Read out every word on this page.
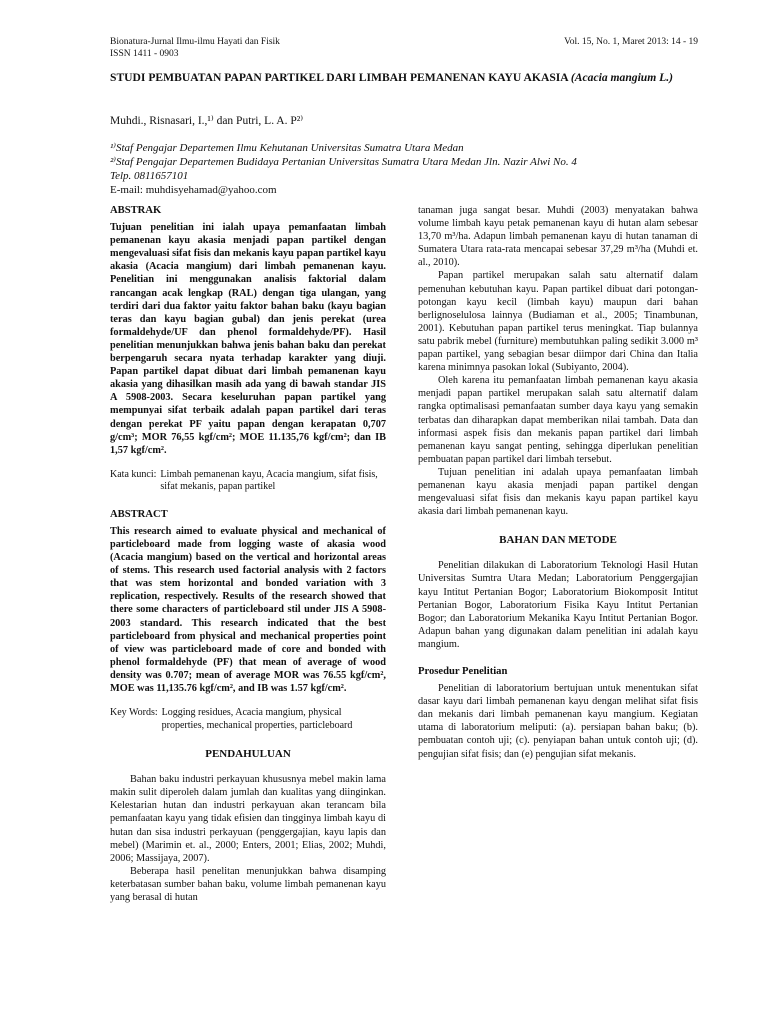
Bionatura-Jurnal Ilmu-ilmu Hayati dan Fisik
ISSN 1411 - 0903
Vol. 15, No. 1, Maret 2013: 14 - 19
STUDI PEMBUATAN PAPAN PARTIKEL DARI LIMBAH PEMANENAN KAYU AKASIA (Acacia mangium L.)
Muhdi., Risnasari, I.,¹⁾ dan Putri, L. A. P²⁾
¹⁾Staf Pengajar Departemen Ilmu Kehutanan Universitas Sumatra Utara Medan
²⁾Staf Pengajar Departemen Budidaya Pertanian Universitas Sumatra Utara Medan Jln. Nazir Alwi No. 4
Telp. 0811657101
E-mail: muhdisyehamad@yahoo.com
ABSTRAK

Tujuan penelitian ini ialah upaya pemanfaatan limbah pemanenan kayu akasia menjadi papan partikel dengan mengevaluasi sifat fisis dan mekanis kayu papan partikel kayu akasia (Acacia mangium) dari limbah pemanenan kayu. Penelitian ini menggunakan analisis faktorial dalam rancangan acak lengkap (RAL) dengan tiga ulangan, yang terdiri dari dua faktor yaitu faktor bahan baku (kayu bagian teras dan kayu bagian gubal) dan jenis perekat (urea formaldehyde/UF dan phenol formaldehyde/PF). Hasil penelitian menunjukkan bahwa jenis bahan baku dan perekat berpengaruh secara nyata terhadap karakter yang diuji. Papan partikel dapat dibuat dari limbah pemanenan kayu akasia yang dihasilkan masih ada yang di bawah standar JIS A 5908-2003. Secara keseluruhan papan partikel yang mempunyai sifat terbaik adalah papan partikel dari teras dengan perekat PF yaitu papan dengan kerapatan 0,707 g/cm³; MOR 76,55 kgf/cm²; MOE 11.135,76 kgf/cm²; dan IB 1,57 kgf/cm².

Kata kunci: Limbah pemanenan kayu, Acacia mangium, sifat fisis, sifat mekanis, papan partikel
ABSTRACT

This research aimed to evaluate physical and mechanical of particleboard made from logging waste of akasia wood (Acacia mangium) based on the vertical and horizontal areas of stems. This research used factorial analysis with 2 factors that was stem horizontal and bonded variation with 3 replication, respectively. Results of the research showed that there some characters of particleboard stil under JIS A 5908-2003 standard. This research indicated that the best particleboard from physical and mechanical properties point of view was particleboard made of core and bonded with phenol formaldehyde (PF) that mean of average of wood density was 0.707; mean of average MOR was 76.55 kgf/cm², MOE was 11,135.76 kgf/cm², and IB was 1.57 kgf/cm².

Key Words: Logging residues, Acacia mangium, physical properties, mechanical properties, particleboard
PENDAHULUAN

Bahan baku industri perkayuan khususnya mebel makin lama makin sulit diperoleh dalam jumlah dan kualitas yang diinginkan. Kelestarian hutan dan industri perkayuan akan terancam bila pemanfaatan kayu yang tidak efisien dan tingginya limbah kayu di hutan dan sisa industri perkayuan (penggergajian, kayu lapis dan mebel) (Marimin et. al., 2000; Enters, 2001; Elias, 2002; Muhdi, 2006; Massijaya, 2007).

Beberapa hasil penelitan menunjukkan bahwa disamping keterbatasan sumber bahan baku, volume limbah pemanenan kayu yang berasal di hutan

tanaman juga sangat besar. Muhdi (2003) menyatakan bahwa volume limbah kayu petak pemanenan kayu di hutan alam sebesar 13,70 m³/ha. Adapun limbah pemanenan kayu di hutan tanaman di Sumatera Utara rata-rata mencapai sebesar 37,29 m³/ha (Muhdi et. al., 2010).

Papan partikel merupakan salah satu alternatif dalam pemenuhan kebutuhan kayu. Papan partikel dibuat dari potongan-potongan kayu kecil (limbah kayu) maupun dari bahan berlignoselulosa lainnya (Budiaman et al., 2005; Tinambunan, 2001). Kebutuhan papan partikel terus meningkat. Tiap bulannya satu pabrik mebel (furniture) membutuhkan paling sedikit 3.000 m³ papan partikel, yang sebagian besar diimpor dari China dan Italia karena minimnya pasokan lokal (Subiyanto, 2004).

Oleh karena itu pemanfaatan limbah pemanenan kayu akasia menjadi papan partikel merupakan salah satu alternatif dalam rangka optimalisasi pemanfaatan sumber daya kayu yang semakin terbatas dan diharapkan dapat memberikan nilai tambah. Data dan informasi aspek fisis dan mekanis papan partikel dari limbah pemanenan kayu sangat penting, sehingga diperlukan penelitian pembuatan papan partikel dari limbah tersebut.

Tujuan penelitian ini adalah upaya pemanfaatan limbah pemanenan kayu akasia menjadi papan partikel dengan mengevaluasi sifat fisis dan mekanis kayu papan partikel kayu akasia dari limbah pemanenan kayu.

BAHAN DAN METODE

Penelitian dilakukan di Laboratorium Teknologi Hasil Hutan Universitas Sumtra Utara Medan; Laboratorium Penggergajian kayu Intitut Pertanian Bogor; Laboratorium Biokomposit Intitut Pertanian Bogor, Laboratorium Fisika Kayu Intitut Pertanian Bogor; dan Laboratorium Mekanika Kayu Intitut Pertanian Bogor. Adapun bahan yang digunakan dalam penelitian ini adalah kayu mangium.

Prosedur Penelitian

Penelitian di laboratorium bertujuan untuk menentukan sifat dasar kayu dari limbah pemanenan kayu dengan melihat sifat fisis dan mekanis dari limbah pemanenan kayu mangium. Kegiatan utama di laboratorium meliputi: (a). persiapan bahan baku; (b). pembuatan contoh uji; (c). penyiapan bahan untuk contoh uji; (d). pengujian sifat fisis; dan (e) pengujian sifat mekanis.
